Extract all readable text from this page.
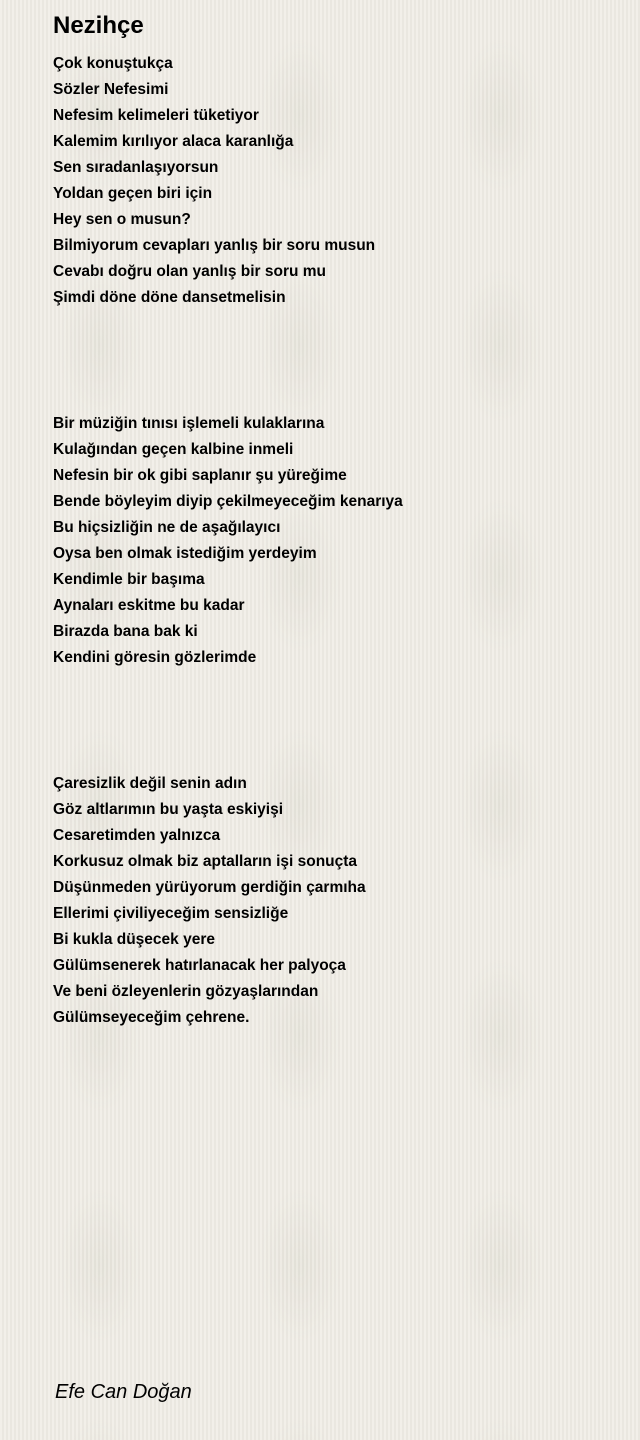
Nezihçe
Çok konuştukça
Sözler Nefesimi
Nefesim kelimeleri tüketiyor
Kalemim kırılıyor alaca karanlığa
Sen sıradanlaşıyorsun
Yoldan geçen biri için
Hey sen o musun?
Bilmiyorum cevapları yanlış bir soru musun
Cevabı doğru olan yanlış bir soru mu
Şimdi döne döne dansetmelisin
Bir müziğin tınısı işlemeli kulaklarına
Kulağından geçen kalbine inmeli
Nefesin bir ok gibi saplanır şu yüreğime
Bende böyleyim diyip çekilmeyeceğim kenarıya
Bu hiçsizliğin ne de aşağılayıcı
Oysa ben olmak istediğim yerdeyim
Kendimle bir başıma
Aynaları eskitme bu kadar
Birazda bana bak ki
Kendini göresin gözlerimde
Çaresizlik değil senin adın
Göz altlarımın bu yaşta eskiyişi
Cesaretimden yalnızca
Korkusuz olmak biz aptalların işi sonuçta
Düşünmeden yürüyorum gerdiğin çarmıha
Ellerimi çiviliyeceğim sensizliğe
Bi kukla düşecek yere
Gülümsenerek hatırlanacak her palyoça
Ve beni özleyenlerin gözyaşlarından
Gülümseyeceğim çehrene.

Efe Can Doğan
